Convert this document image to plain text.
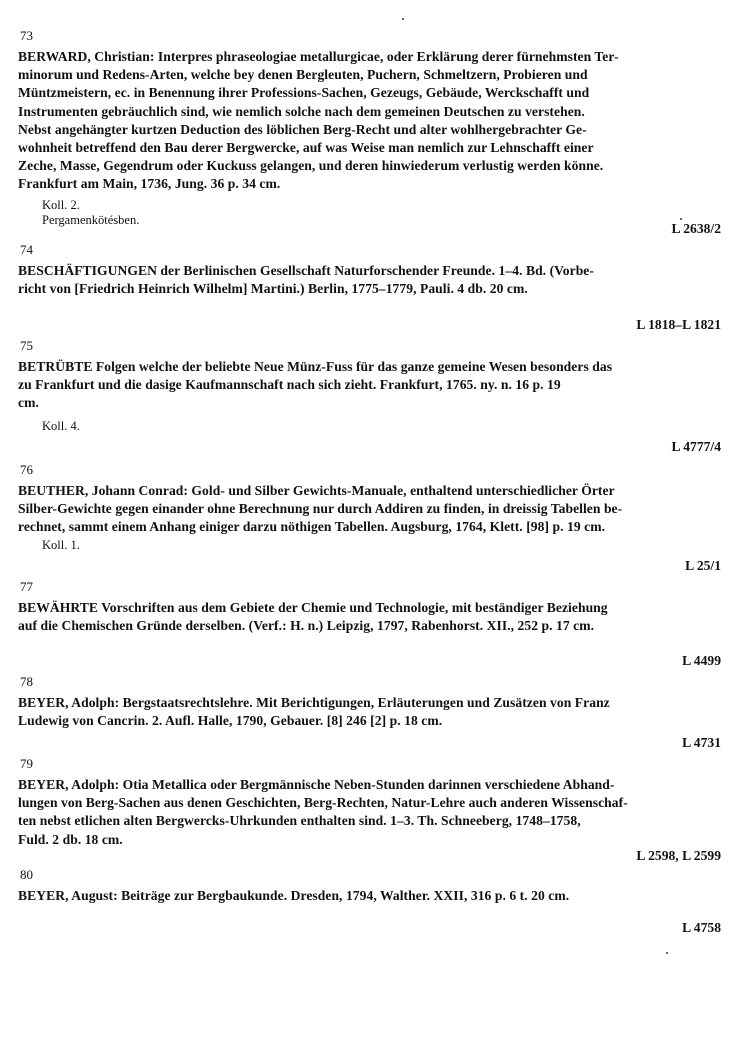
73
BERWARD, Christian: Interpres phraseologiae metallurgicae, oder Erklärung derer fürnehmsten Ter-
minorum und Redens-Arten, welche bey denen Bergleuten, Puchern, Schmeltzern, Probieren und
Müntzmeistern, ec. in Benennung ihrer Professions-Sachen, Gezeugs, Gebäude, Werckschafft und
Instrumenten gebräuchlich sind, wie nemlich solche nach dem gemeinen Deutschen zu verstehen.
Nebst angehängter kurtzen Deduction des löblichen Berg-Recht und alter wohlhergebrachter Ge-
wohnheit betreffend den Bau derer Bergwercke, auf was Weise man nemlich zur Lehnschafft einer
Zeche, Masse, Gegendrum oder Kuckuss gelangen, und deren hinwiederum verlustig werden könne.
Frankfurt am Main, 1736, Jung. 36 p. 34 cm.
Koll. 2.
Pergamenkötésben.
L 2638/2
74
BESCHÄFTIGUNGEN der Berlinischen Gesellschaft Naturforschender Freunde. 1–4. Bd. (Vorbe-
richt von [Friedrich Heinrich Wilhelm] Martini.) Berlin, 1775–1779, Pauli. 4 db. 20 cm.
L 1818–L 1821
75
BETRÜBTE Folgen welche der beliebte Neue Münz-Fuss für das ganze gemeine Wesen besonders das
zu Frankfurt und die dasige Kaufmannschaft nach sich zieht. Frankfurt, 1765. ny. n. 16 p. 19
cm.
Koll. 4.
L 4777/4
76
BEUTHER, Johann Conrad: Gold- und Silber Gewichts-Manuale, enthaltend unterschiedlicher Örter
Silber-Gewichte gegen einander ohne Berechnung nur durch Addiren zu finden, in dreissig Tabellen be-
rechnet, sammt einem Anhang einiger darzu nöthigen Tabellen. Augsburg, 1764, Klett. [98] p. 19 cm.
Koll. 1.
L 25/1
77
BEWÄHRTE Vorschriften aus dem Gebiete der Chemie und Technologie, mit beständiger Beziehung
auf die Chemischen Gründe derselben. (Verf.: H. n.) Leipzig, 1797, Rabenhorst. XII., 252 p. 17 cm.
L 4499
78
BEYER, Adolph: Bergstaatsrechtslehre. Mit Berichtigungen, Erläuterungen und Zusätzen von Franz
Ludewig von Cancrin. 2. Aufl. Halle, 1790, Gebauer. [8] 246 [2] p. 18 cm.
L 4731
79
BEYER, Adolph: Otia Metallica oder Bergmännische Neben-Stunden darinnen verschiedene Abhand-
lungen von Berg-Sachen aus denen Geschichten, Berg-Rechten, Natur-Lehre auch anderen Wissenschaf-
ten nebst etlichen alten Bergwercks-Uhrkunden enthalten sind. 1–3. Th. Schneeberg, 1748–1758,
Fuld. 2 db. 18 cm.
L 2598, L 2599
80
BEYER, August: Beiträge zur Bergbaukunde. Dresden, 1794, Walther. XXII, 316 p. 6 t. 20 cm.
L 4758
